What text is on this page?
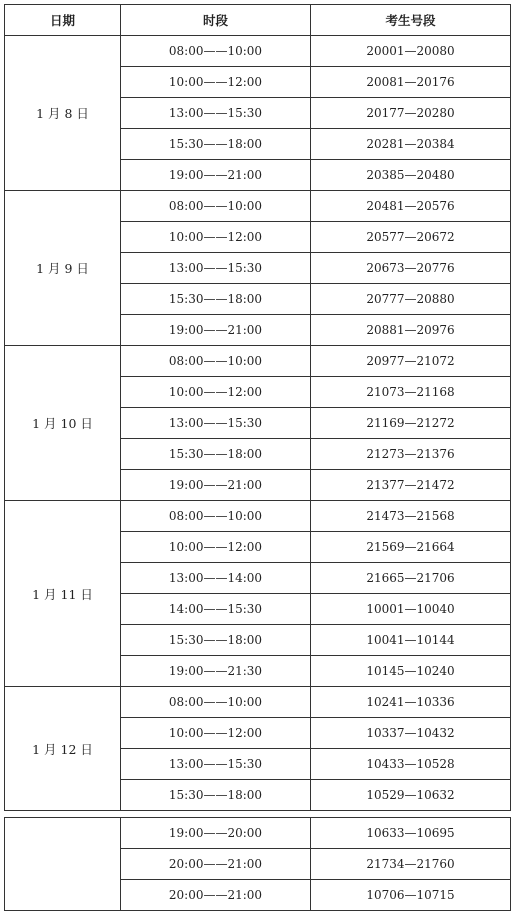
日期	时段	考生号段
1 月 8 日	08:00——10:00	20001—20080
	10:00——12:00	20081—20176
	13:00——15:30	20177—20280
	15:30——18:00	20281—20384
	19:00——21:00	20385—20480
1 月 9 日	08:00——10:00	20481—20576
	10:00——12:00	20577—20672
	13:00——15:30	20673—20776
	15:30——18:00	20777—20880
	19:00——21:00	20881—20976
1 月 10 日	08:00——10:00	20977—21072
	10:00——12:00	21073—21168
	13:00——15:30	21169—21272
	15:30——18:00	21273—21376
	19:00——21:00	21377—21472
1 月 11 日	08:00——10:00	21473—21568
	10:00——12:00	21569—21664
	13:00——14:00	21665—21706
	14:00——15:30	10001—10040
	15:30——18:00	10041—10144
	19:00——21:30	10145—10240
1 月 12 日	08:00——10:00	10241—10336
	10:00——12:00	10337—10432
	13:00——15:30	10433—10528
	15:30——18:00	10529—10632
	19:00——20:00	10633—10695
	20:00——21:00	21734—21760
	20:00——21:00	10706—10715
